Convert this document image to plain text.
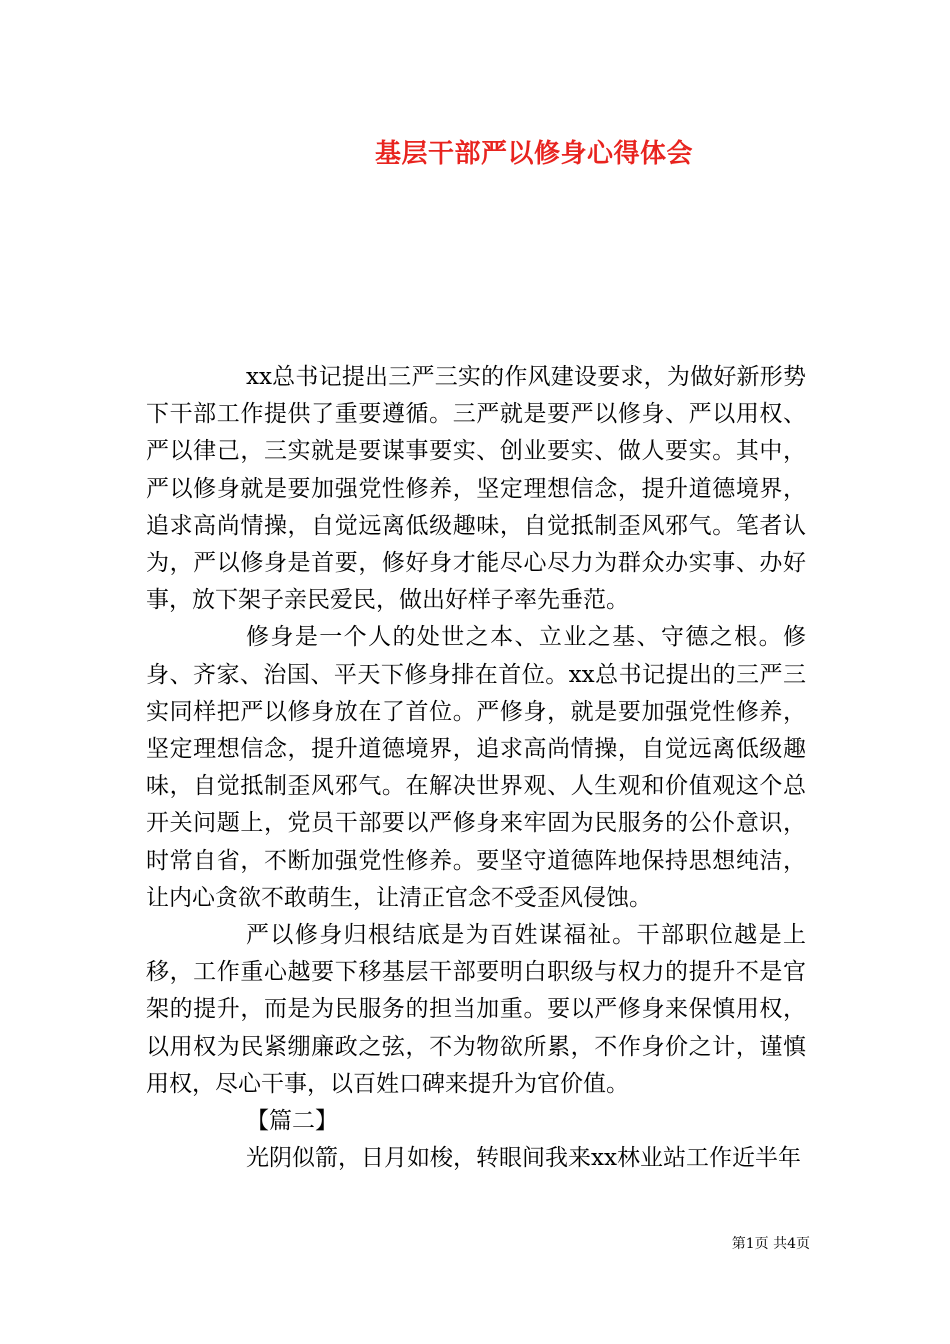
基层干部严以修身心得体会

xx总书记提出三严三实的作风建设要求，为做好新形势下干部工作提供了重要遵循。三严就是要严以修身、严以用权、严以律己，三实就是要谋事要实、创业要实、做人要实。其中，严以修身就是要加强党性修养，坚定理想信念，提升道德境界，追求高尚情操，自觉远离低级趣味，自觉抵制歪风邪气。笔者认为，严以修身是首要，修好身才能尽心尽力为群众办实事、办好事，放下架子亲民爱民，做出好样子率先垂范。

修身是一个人的处世之本、立业之基、守德之根。修身、齐家、治国、平天下修身排在首位。xx总书记提出的三严三实同样把严以修身放在了首位。严修身，就是要加强党性修养，坚定理想信念，提升道德境界，追求高尚情操，自觉远离低级趣味，自觉抵制歪风邪气。在解决世界观、人生观和价值观这个总开关问题上，党员干部要以严修身来牢固为民服务的公仆意识，时常自省，不断加强党性修养。要坚守道德阵地保持思想纯洁，让内心贪欲不敢萌生，让清正官念不受歪风侵蚀。

严以修身归根结底是为百姓谋福祉。干部职位越是上移，工作重心越要下移基层干部要明白职级与权力的提升不是官架的提升，而是为民服务的担当加重。要以严修身来保慎用权，以用权为民紧绷廉政之弦，不为物欲所累，不作身价之计，谨慎用权，尽心干事，以百姓口碑来提升为官价值。

【篇二】

光阴似箭，日月如梭，转眼间我来xx林业站工作近半年

第1页 共4页
